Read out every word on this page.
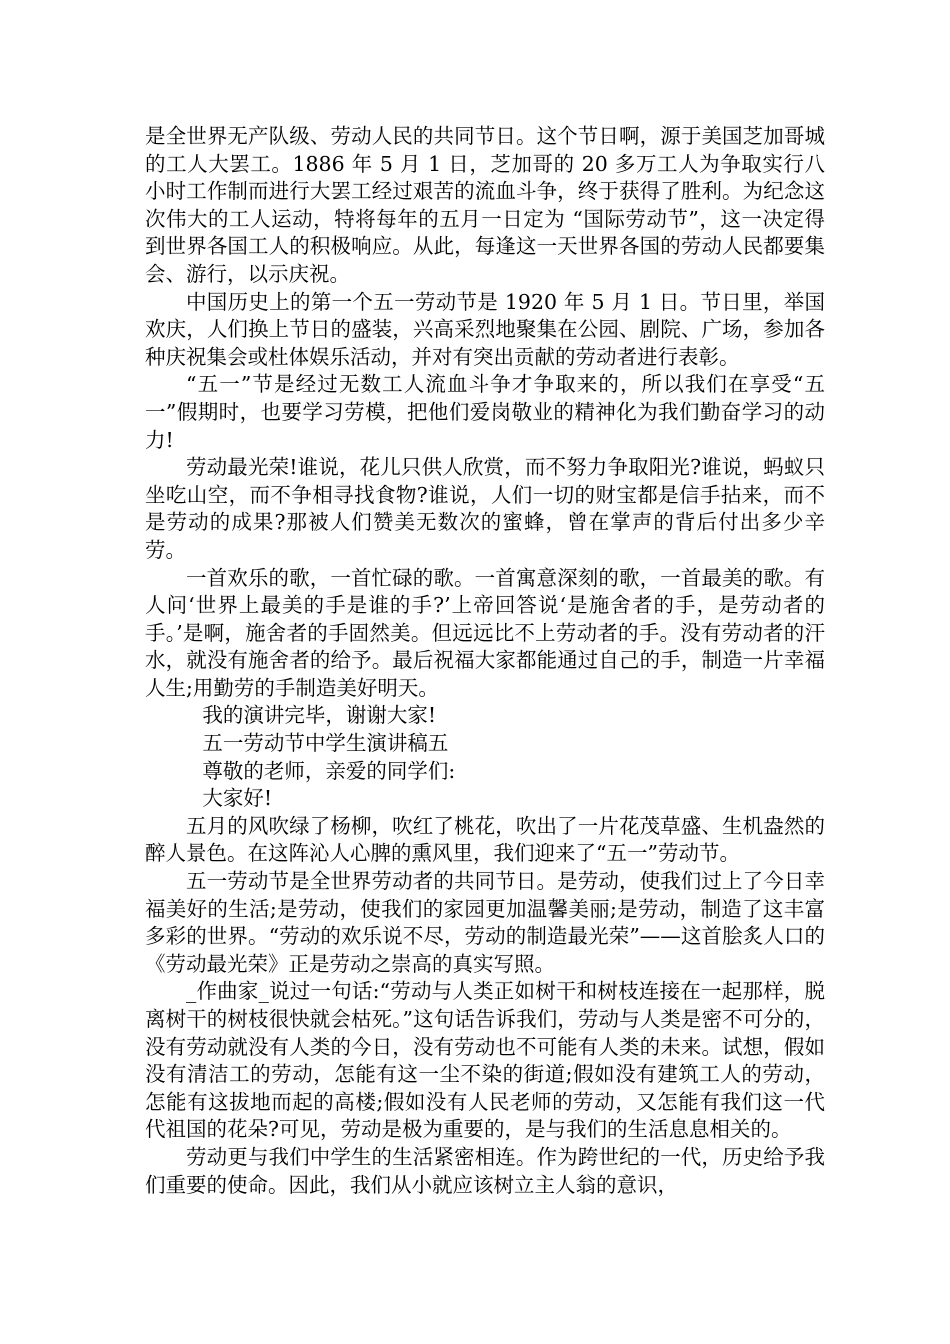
是全世界无产队级、劳动人民的共同节日。这个节日啊，源于美国芝加哥城的工人大罢工。1886 年 5 月 1 日，芝加哥的 20 多万工人为争取实行八小时工作制而进行大罢工经过艰苦的流血斗争，终于获得了胜利。为纪念这次伟大的工人运动，特将每年的五月一日定为 “国际劳动节”，这一决定得到世界各国工人的积极响应。从此，每逢这一天世界各国的劳动人民都要集会、游行，以示庆祝。

中国历史上的第一个五一劳动节是 1920 年 5 月 1 日。节日里，举国欢庆，人们换上节日的盛装，兴高采烈地聚集在公园、剧院、广场，参加各种庆祝集会或杜体娱乐活动，并对有突出贡献的劳动者进行表彰。

“五一”节是经过无数工人流血斗争才争取来的，所以我们在享受“五一”假期时，也要学习劳模，把他们爱岗敬业的精神化为我们勤奋学习的动力!

劳动最光荣!谁说，花儿只供人欣赏，而不努力争取阳光?谁说，蚂蚁只坐吃山空，而不争相寻找食物?谁说，人们一切的财宝都是信手拈来，而不是劳动的成果?那被人们赞美无数次的蜜蜂，曾在掌声的背后付出多少辛劳。

一首欢乐的歌，一首忙碌的歌。一首寓意深刻的歌，一首最美的歌。有人问‘世界上最美的手是谁的手?’上帝回答说‘是施舍者的手，是劳动者的手。’是啊，施舍者的手固然美。但远远比不上劳动者的手。没有劳动者的汗水，就没有施舍者的给予。最后祝福大家都能通过自己的手，制造一片幸福人生;用勤劳的手制造美好明天。

我的演讲完毕，谢谢大家!

五一劳动节中学生演讲稿五

尊敬的老师，亲爱的同学们:

大家好!

五月的风吹绿了杨柳，吹红了桃花，吹出了一片花茂草盛、生机盎然的醉人景色。在这阵沁人心脾的熏风里，我们迎来了“五一”劳动节。

五一劳动节是全世界劳动者的共同节日。是劳动，使我们过上了今日幸福美好的生活;是劳动，使我们的家园更加温馨美丽;是劳动，制造了这丰富多彩的世界。“劳动的欢乐说不尽，劳动的制造最光荣”——这首脍炙人口的《劳动最光荣》正是劳动之崇高的真实写照。

_作曲家_说过一句话:“劳动与人类正如树干和树枝连接在一起那样，脱离树干的树枝很快就会枯死。”这句话告诉我们，劳动与人类是密不可分的，没有劳动就没有人类的今日，没有劳动也不可能有人类的未来。试想，假如没有清洁工的劳动，怎能有这一尘不染的街道;假如没有建筑工人的劳动，怎能有这拔地而起的高楼;假如没有人民老师的劳动，又怎能有我们这一代代祖国的花朵?可见，劳动是极为重要的，是与我们的生活息息相关的。

劳动更与我们中学生的生活紧密相连。作为跨世纪的一代，历史给予我们重要的使命。因此，我们从小就应该树立主人翁的意识，
